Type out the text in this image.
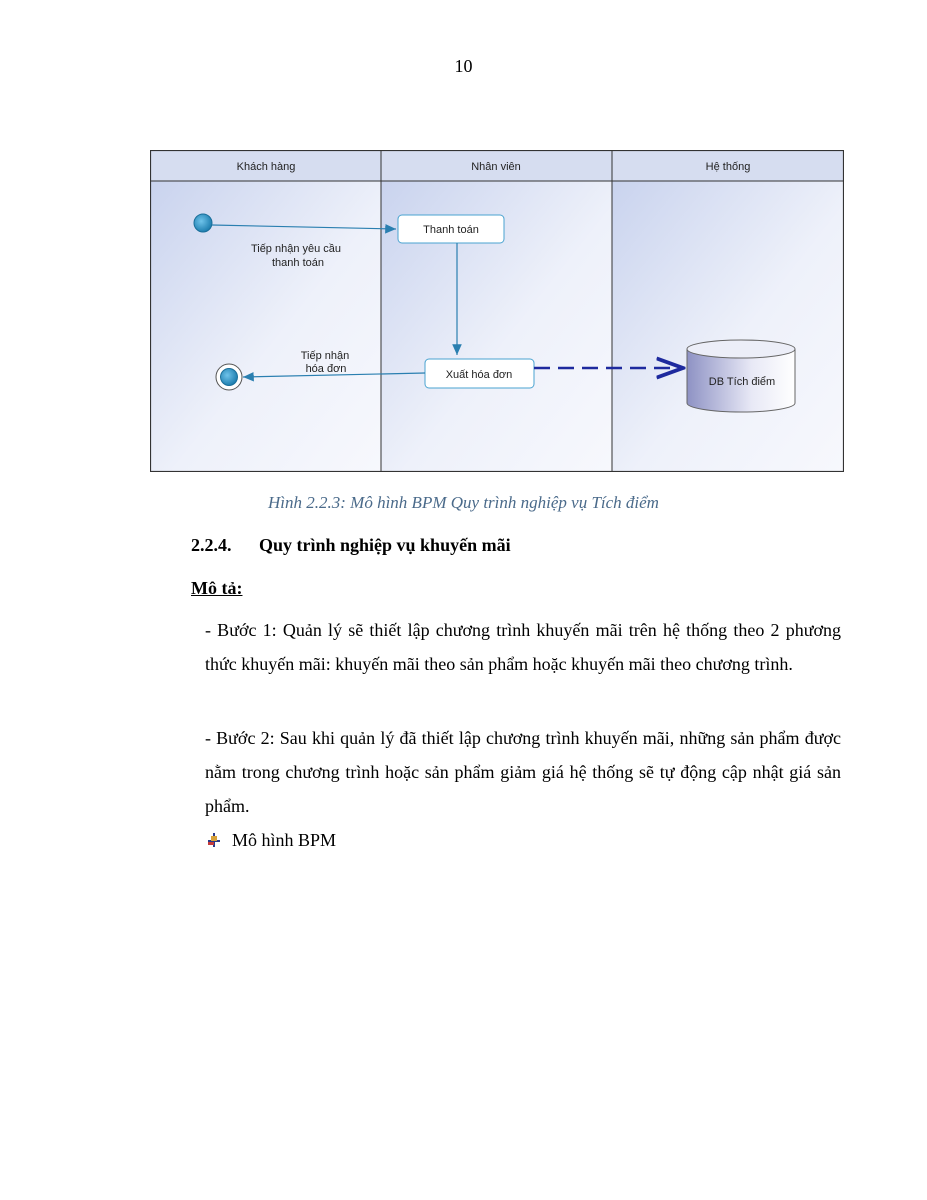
10
Khách hàng	Nhân viên	Hệ thống
Tiếp nhận yêu cầu
thanh toán
Thanh toán
Xuất hóa đơn
Tiếp nhận
hóa đơn
DB Tích điểm
Hình 2.2.3: Mô hình BPM Quy trình nghiệp vụ Tích điểm
2.2.4. Quy trình nghiệp vụ khuyến mãi
Mô tả:
- Bước 1: Quản lý sẽ thiết lập chương trình khuyến mãi trên hệ thống theo 2 phương thức khuyến mãi: khuyến mãi theo sản phẩm hoặc khuyến mãi theo chương trình.
- Bước 2: Sau khi quản lý đã thiết lập chương trình khuyến mãi, những sản phẩm được nằm trong chương trình hoặc sản phẩm giảm giá hệ thống sẽ tự động cập nhật giá sản phẩm.
Mô hình BPM
